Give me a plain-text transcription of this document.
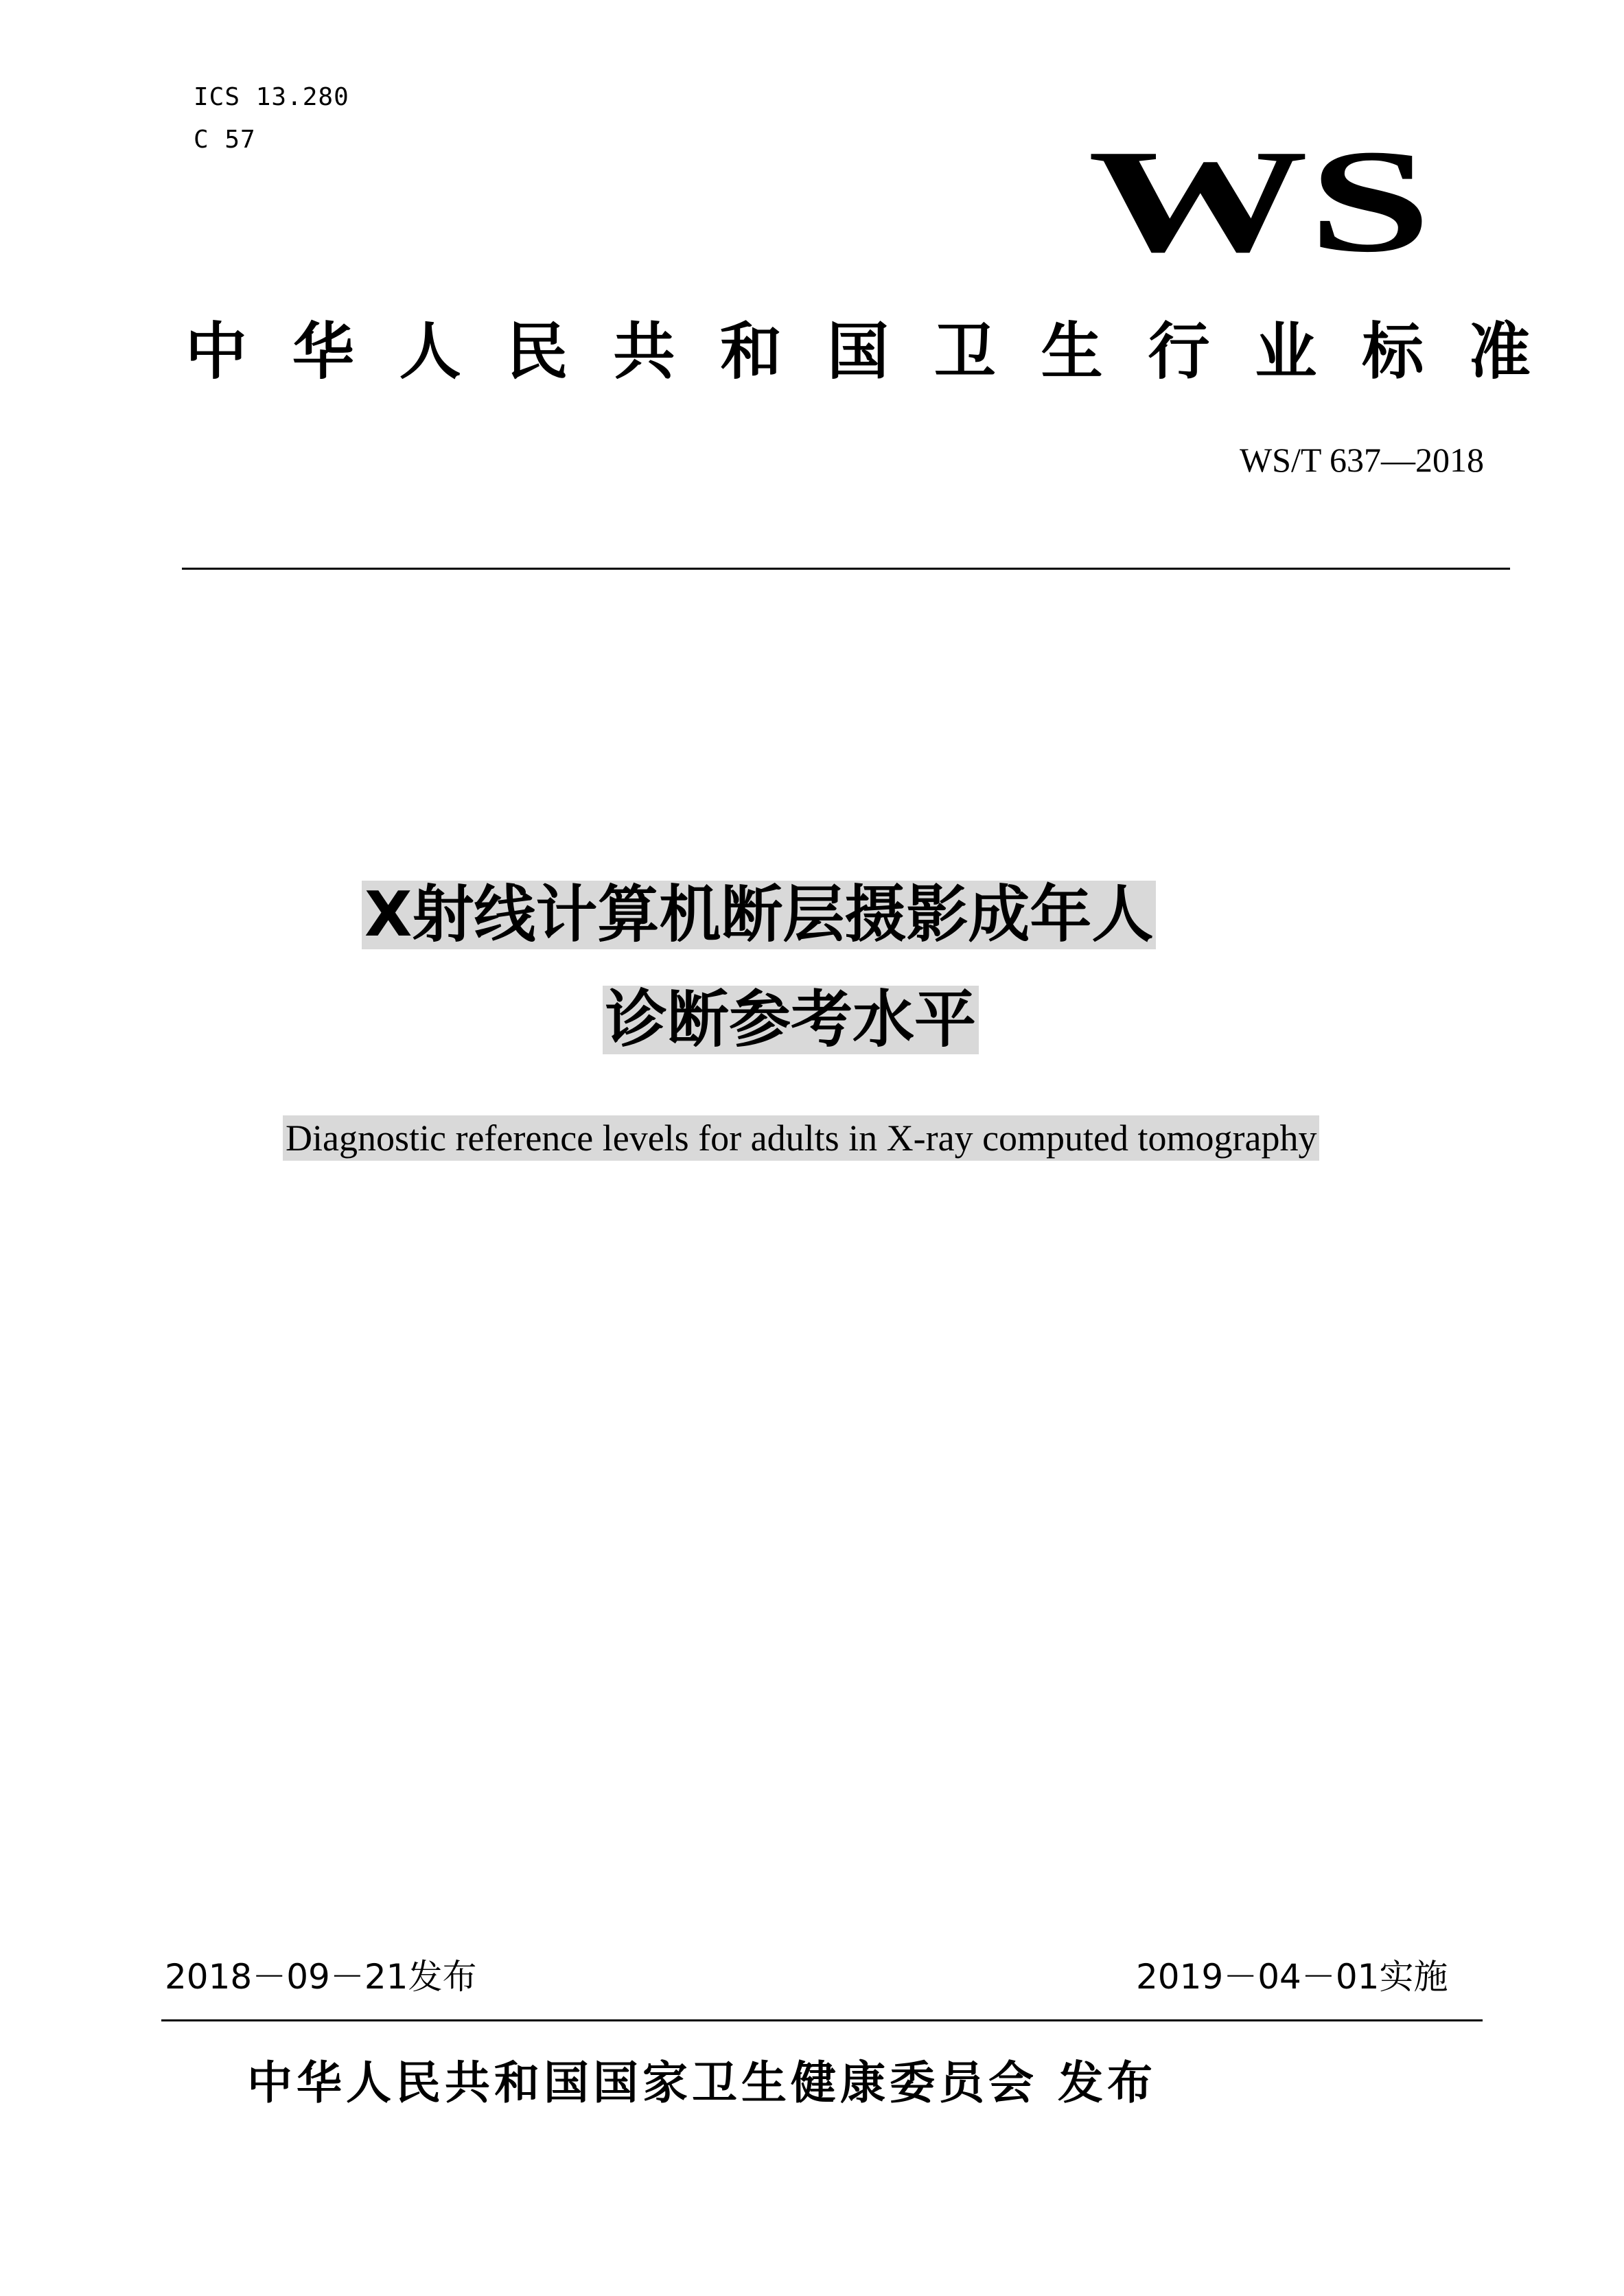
ICS 13.280
C 57	WS
中 华 人 民 共 和 国 卫 生 行 业 标 准
WS/T 637—2018
X射线计算机断层摄影成年人
诊断参考水平
Diagnostic reference levels for adults in X-ray computed tomography
2018－09－21发布	2019－04－01实施
中华人民共和国国家卫生健康委员会 发布
